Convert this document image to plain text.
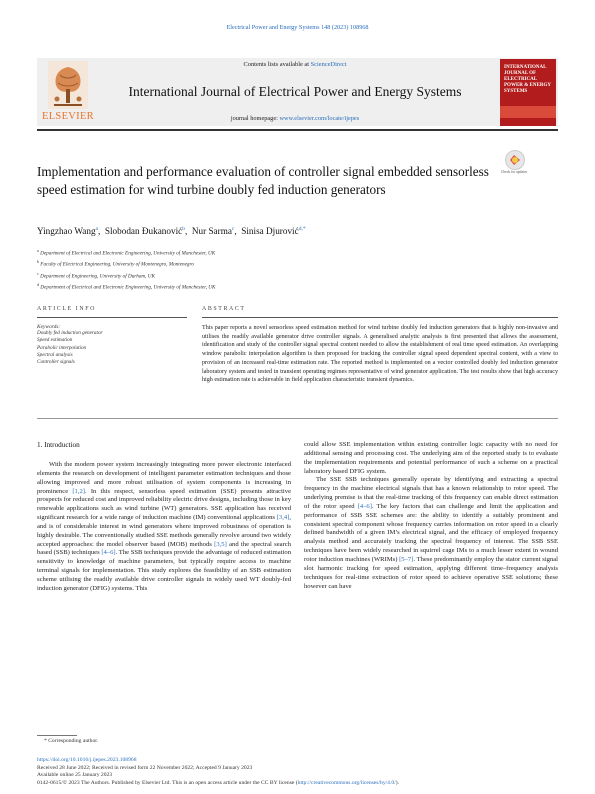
Electrical Power and Energy Systems 148 (2023) 108968
ELSEVIER
Contents lists available at ScienceDirect
International Journal of Electrical Power and Energy Systems
journal homepage: www.elsevier.com/locate/ijepes
INTERNATIONAL JOURNAL OF ELECTRICAL POWER & ENERGY SYSTEMS
Implementation and performance evaluation of controller signal embedded sensorless speed estimation for wind turbine doubly fed induction generators
Check for updates
Yingzhao Wang$^a$,  Slobodan Đukanović$^b$,  Nur Sarma$^c$,  Sinisa Djurović$^{d,*}$
$^a$ Department of Electrical and Electronic Engineering, University of Manchester, UK
$^b$ Faculty of Electrical Engineering, University of Montenegro, Montenegro
$^c$ Department of Engineering, University of Durham, UK
$^d$ Department of Electrical and Electronic Engineering, University of Manchester, UK
ARTICLE INFO	ABSTRACT
Keywords:
Doubly fed induction generator
Speed estimation
Parabolic interpolation
Spectral analysis
Controller signals
This paper reports a novel sensorless speed estimation method for wind turbine doubly fed induction generators that is highly non-invasive and utilises the readily available generator drive controller signals. A generalised analytic analysis is first presented that allows the assessment, identification and study of the controller signal spectral content needed to allow the establishment of real time speed estimation. An overlapping window parabolic interpolation algorithm is then proposed for tracking the controller signal speed dependent spectral content, with a view to provision of an increased real-time estimation rate. The reported method is implemented on a vector controlled doubly fed induction generator laboratory system and tested in transient operating regimes representative of wind generator application. The test results show that high accuracy high estimation rate is achievable in field application characteristic transient dynamics.
1. Introduction

With the modern power system increasingly integrating more power electronic interfaced elements the research on development of intelligent parameter estimation techniques and those allowing improved and more robust utilisation of system components is increasing in prominence [1,2]. In this respect, sensorless speed estimation (SSE) presents attractive prospects for reduced cost and improved reliability electric drive designs, including those in key renewable applications such as wind turbine (WT) generators. SSE application has received significant research for a wide range of induction machine (IM) conventional applications [3,4], and is of considerable interest in wind generators where improved robustness of operation is highly desirable. The conventionally studied SSE methods generally revolve around two widely accepted approaches: the model observer based (MOB) methods [3,5] and the spectral search based (SSB) techniques [4–6]. The SSB techniques provide the advantage of reduced estimation sensitivity to knowledge of machine parameters, but typically require access to machine terminal signals for implementation. This study explores the feasibility of an SSB estimation scheme utilising the readily available drive controller signals in widely used WT doubly-fed induction generator (DFIG) systems. This

could allow SSE implementation within existing controller logic capacity with no need for additional sensing and processing cost. The underlying aim of the reported study is to evaluate the implementation requirements and potential performance of such a scheme on a practical laboratory based DFIG system.

The SSE SSB techniques generally operate by identifying and extracting a spectral frequency in the machine electrical signals that has a known relationship to rotor speed. The underlying premise is that the real-time tracking of this frequency can enable direct estimation of the rotor speed [4–6]. The key factors that can challenge and limit the application and performance of SSB SSE schemes are: the ability to identify a suitably prominent and consistent spectral component whose frequency carries information on rotor speed in a clearly defined bandwidth of a given IM’s electrical signal, and the efficacy of employed frequency analysis method and accurately tracking the spectral frequency of interest. The SSB SSE techniques have been widely researched in squirrel cage IMs to a much lesser extent in wound rotor induction machines (WRIMs) [5–7]. These predominantly employ the stator current signal slot harmonic tracking for speed estimation, applying different time–frequency analysis techniques for real-time extraction of rotor speed to achieve operative SSE solutions; these however can have

* Corresponding author.
https://doi.org/10.1016/j.ijepes.2023.108968
Received 28 June 2022; Received in revised form 22 November 2022; Accepted 9 January 2023
Available online 25 January 2023
0142-0615/© 2023 The Authors. Published by Elsevier Ltd. This is an open access article under the CC BY license (http://creativecommons.org/licenses/by/4.0/).
